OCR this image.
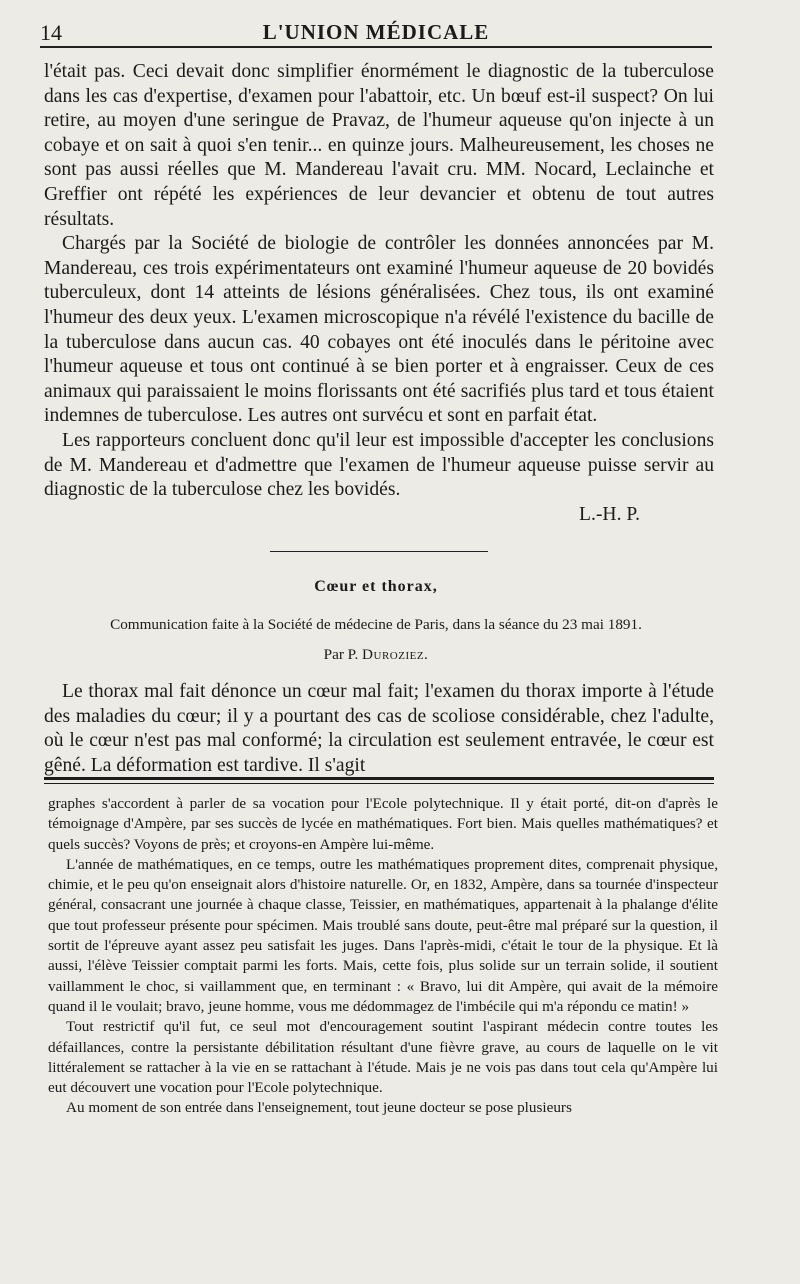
14	L'UNION MÉDICALE

l'était pas. Ceci devait donc simplifier énormément le diagnostic de la tuberculose dans les cas d'expertise, d'examen pour l'abattoir, etc. Un bœuf est-il suspect? On lui retire, au moyen d'une seringue de Pravaz, de l'humeur aqueuse qu'on injecte à un cobaye et on sait à quoi s'en tenir... en quinze jours. Malheureusement, les choses ne sont pas aussi réelles que M. Mandereau l'avait cru. MM. Nocard, Leclainche et Greffier ont répété les expériences de leur devancier et obtenu de tout autres résultats.

Chargés par la Société de biologie de contrôler les données annoncées par M. Mandereau, ces trois expérimentateurs ont examiné l'humeur aqueuse de 20 bovidés tuberculeux, dont 14 atteints de lésions généralisées. Chez tous, ils ont examiné l'humeur des deux yeux. L'examen microscopique n'a révélé l'existence du bacille de la tuberculose dans aucun cas. 40 cobayes ont été inoculés dans le péritoine avec l'humeur aqueuse et tous ont continué à se bien porter et à engraisser. Ceux de ces animaux qui paraissaient le moins florissants ont été sacrifiés plus tard et tous étaient indemnes de tuberculose. Les autres ont survécu et sont en parfait état.

Les rapporteurs concluent donc qu'il leur est impossible d'accepter les conclusions de M. Mandereau et d'admettre que l'examen de l'humeur aqueuse puisse servir au diagnostic de la tuberculose chez les bovidés.

L.-H. P.

Cœur et thorax,
Communication faite à la Société de médecine de Paris, dans la séance du 23 mai 1891.
Par P. Duroziez.

Le thorax mal fait dénonce un cœur mal fait; l'examen du thorax importe à l'étude des maladies du cœur; il y a pourtant des cas de scoliose considérable, chez l'adulte, où le cœur n'est pas mal conformé; la circulation est seulement entravée, le cœur est gêné. La déformation est tardive. Il s'agit

graphes s'accordent à parler de sa vocation pour l'Ecole polytechnique. Il y était porté, dit-on d'après le témoignage d'Ampère, par ses succès de lycée en mathématiques. Fort bien. Mais quelles mathématiques? et quels succès? Voyons de près; et croyons-en Ampère lui-même.

L'année de mathématiques, en ce temps, outre les mathématiques proprement dites, comprenait physique, chimie, et le peu qu'on enseignait alors d'histoire naturelle. Or, en 1832, Ampère, dans sa tournée d'inspecteur général, consacrant une journée à chaque classe, Teissier, en mathématiques, appartenait à la phalange d'élite que tout professeur présente pour spécimen. Mais troublé sans doute, peut-être mal préparé sur la question, il sortit de l'épreuve ayant assez peu satisfait les juges. Dans l'après-midi, c'était le tour de la physique. Et là aussi, l'élève Teissier comptait parmi les forts. Mais, cette fois, plus solide sur un terrain solide, il soutient vaillamment le choc, si vaillamment que, en terminant : « Bravo, lui dit Ampère, qui avait de la mémoire quand il le voulait; bravo, jeune homme, vous me dédommagez de l'imbécile qui m'a répondu ce matin! »

Tout restrictif qu'il fut, ce seul mot d'encouragement soutint l'aspirant médecin contre toutes les défaillances, contre la persistante débilitation résultant d'une fièvre grave, au cours de laquelle on le vit littéralement se rattacher à la vie en se rattachant à l'étude. Mais je ne vois pas dans tout cela qu'Ampère lui eut découvert une vocation pour l'Ecole polytechnique.

Au moment de son entrée dans l'enseignement, tout jeune docteur se pose plusieurs
